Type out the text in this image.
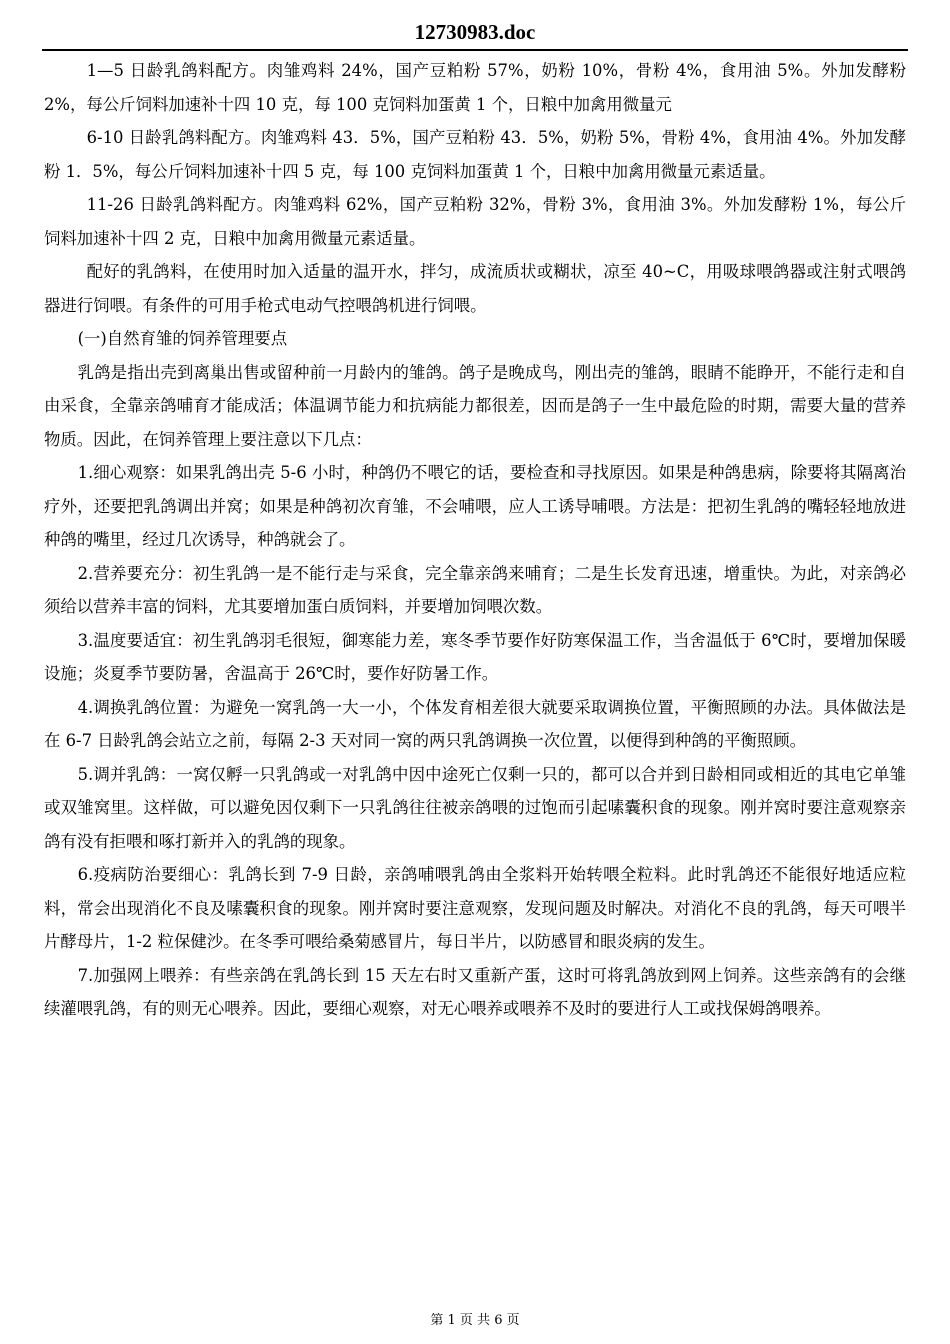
12730983.doc

1—5 日龄乳鸽料配方。肉雏鸡料 24%，国产豆粕粉 57%，奶粉 10%，骨粉 4%，食用油 5%。外加发酵粉 2%，每公斤饲料加速补十四 10 克，每 100 克饲料加蛋黄 1 个，日粮中加禽用微量元

6-10 日龄乳鸽料配方。肉雏鸡料 43．5%，国产豆粕粉 43．5%，奶粉 5%，骨粉 4%，食用油 4%。外加发酵粉 1．5%，每公斤饲料加速补十四 5 克，每 100 克饲料加蛋黄 1 个，日粮中加禽用微量元素适量。

11-26 日龄乳鸽料配方。肉雏鸡料 62%，国产豆粕粉 32%，骨粉 3%，食用油 3%。外加发酵粉 1%，每公斤饲料加速补十四 2 克，日粮中加禽用微量元素适量。

配好的乳鸽料，在使用时加入适量的温开水，拌匀，成流质状或糊状，凉至 40~C，用吸球喂鸽器或注射式喂鸽器进行饲喂。有条件的可用手枪式电动气控喂鸽机进行饲喂。

(一)自然育雏的饲养管理要点

乳鸽是指出壳到离巢出售或留种前一月龄内的雏鸽。鸽子是晚成鸟，刚出壳的雏鸽，眼睛不能睁开，不能行走和自由采食，全靠亲鸽哺育才能成活；体温调节能力和抗病能力都很差，因而是鸽子一生中最危险的时期，需要大量的营养物质。因此，在饲养管理上要注意以下几点：

1.细心观察：如果乳鸽出壳 5-6 小时，种鸽仍不喂它的话，要检查和寻找原因。如果是种鸽患病，除要将其隔离治疗外，还要把乳鸽调出并窝；如果是种鸽初次育雏，不会哺喂，应人工诱导哺喂。方法是：把初生乳鸽的嘴轻轻地放进种鸽的嘴里，经过几次诱导，种鸽就会了。

2.营养要充分：初生乳鸽一是不能行走与采食，完全靠亲鸽来哺育；二是生长发育迅速，增重快。为此，对亲鸽必须给以营养丰富的饲料，尤其要增加蛋白质饲料，并要增加饲喂次数。

3.温度要适宜：初生乳鸽羽毛很短，御寒能力差，寒冬季节要作好防寒保温工作，当舍温低于 6℃时，要增加保暖设施；炎夏季节要防暑，舍温高于 26℃时，要作好防暑工作。

4.调换乳鸽位置：为避免一窝乳鸽一大一小，个体发育相差很大就要采取调换位置，平衡照顾的办法。具体做法是在 6-7 日龄乳鸽会站立之前，每隔 2-3 天对同一窝的两只乳鸽调换一次位置，以便得到种鸽的平衡照顾。

5.调并乳鸽：一窝仅孵一只乳鸽或一对乳鸽中因中途死亡仅剩一只的，都可以合并到日龄相同或相近的其电它单雏或双雏窝里。这样做，可以避免因仅剩下一只乳鸽往往被亲鸽喂的过饱而引起嗉囊积食的现象。刚并窝时要注意观察亲鸽有没有拒喂和啄打新并入的乳鸽的现象。

6.疫病防治要细心：乳鸽长到 7-9 日龄，亲鸽哺喂乳鸽由全浆料开始转喂全粒料。此时乳鸽还不能很好地适应粒料，常会出现消化不良及嗉囊积食的现象。刚并窝时要注意观察，发现问题及时解决。对消化不良的乳鸽，每天可喂半片酵母片，1-2 粒保健沙。在冬季可喂给桑菊感冒片，每日半片，以防感冒和眼炎病的发生。

7.加强网上喂养：有些亲鸽在乳鸽长到 15 天左右时又重新产蛋，这时可将乳鸽放到网上饲养。这些亲鸽有的会继续灌喂乳鸽，有的则无心喂养。因此，要细心观察，对无心喂养或喂养不及时的要进行人工或找保姆鸽喂养。

第 1 页 共 6 页
